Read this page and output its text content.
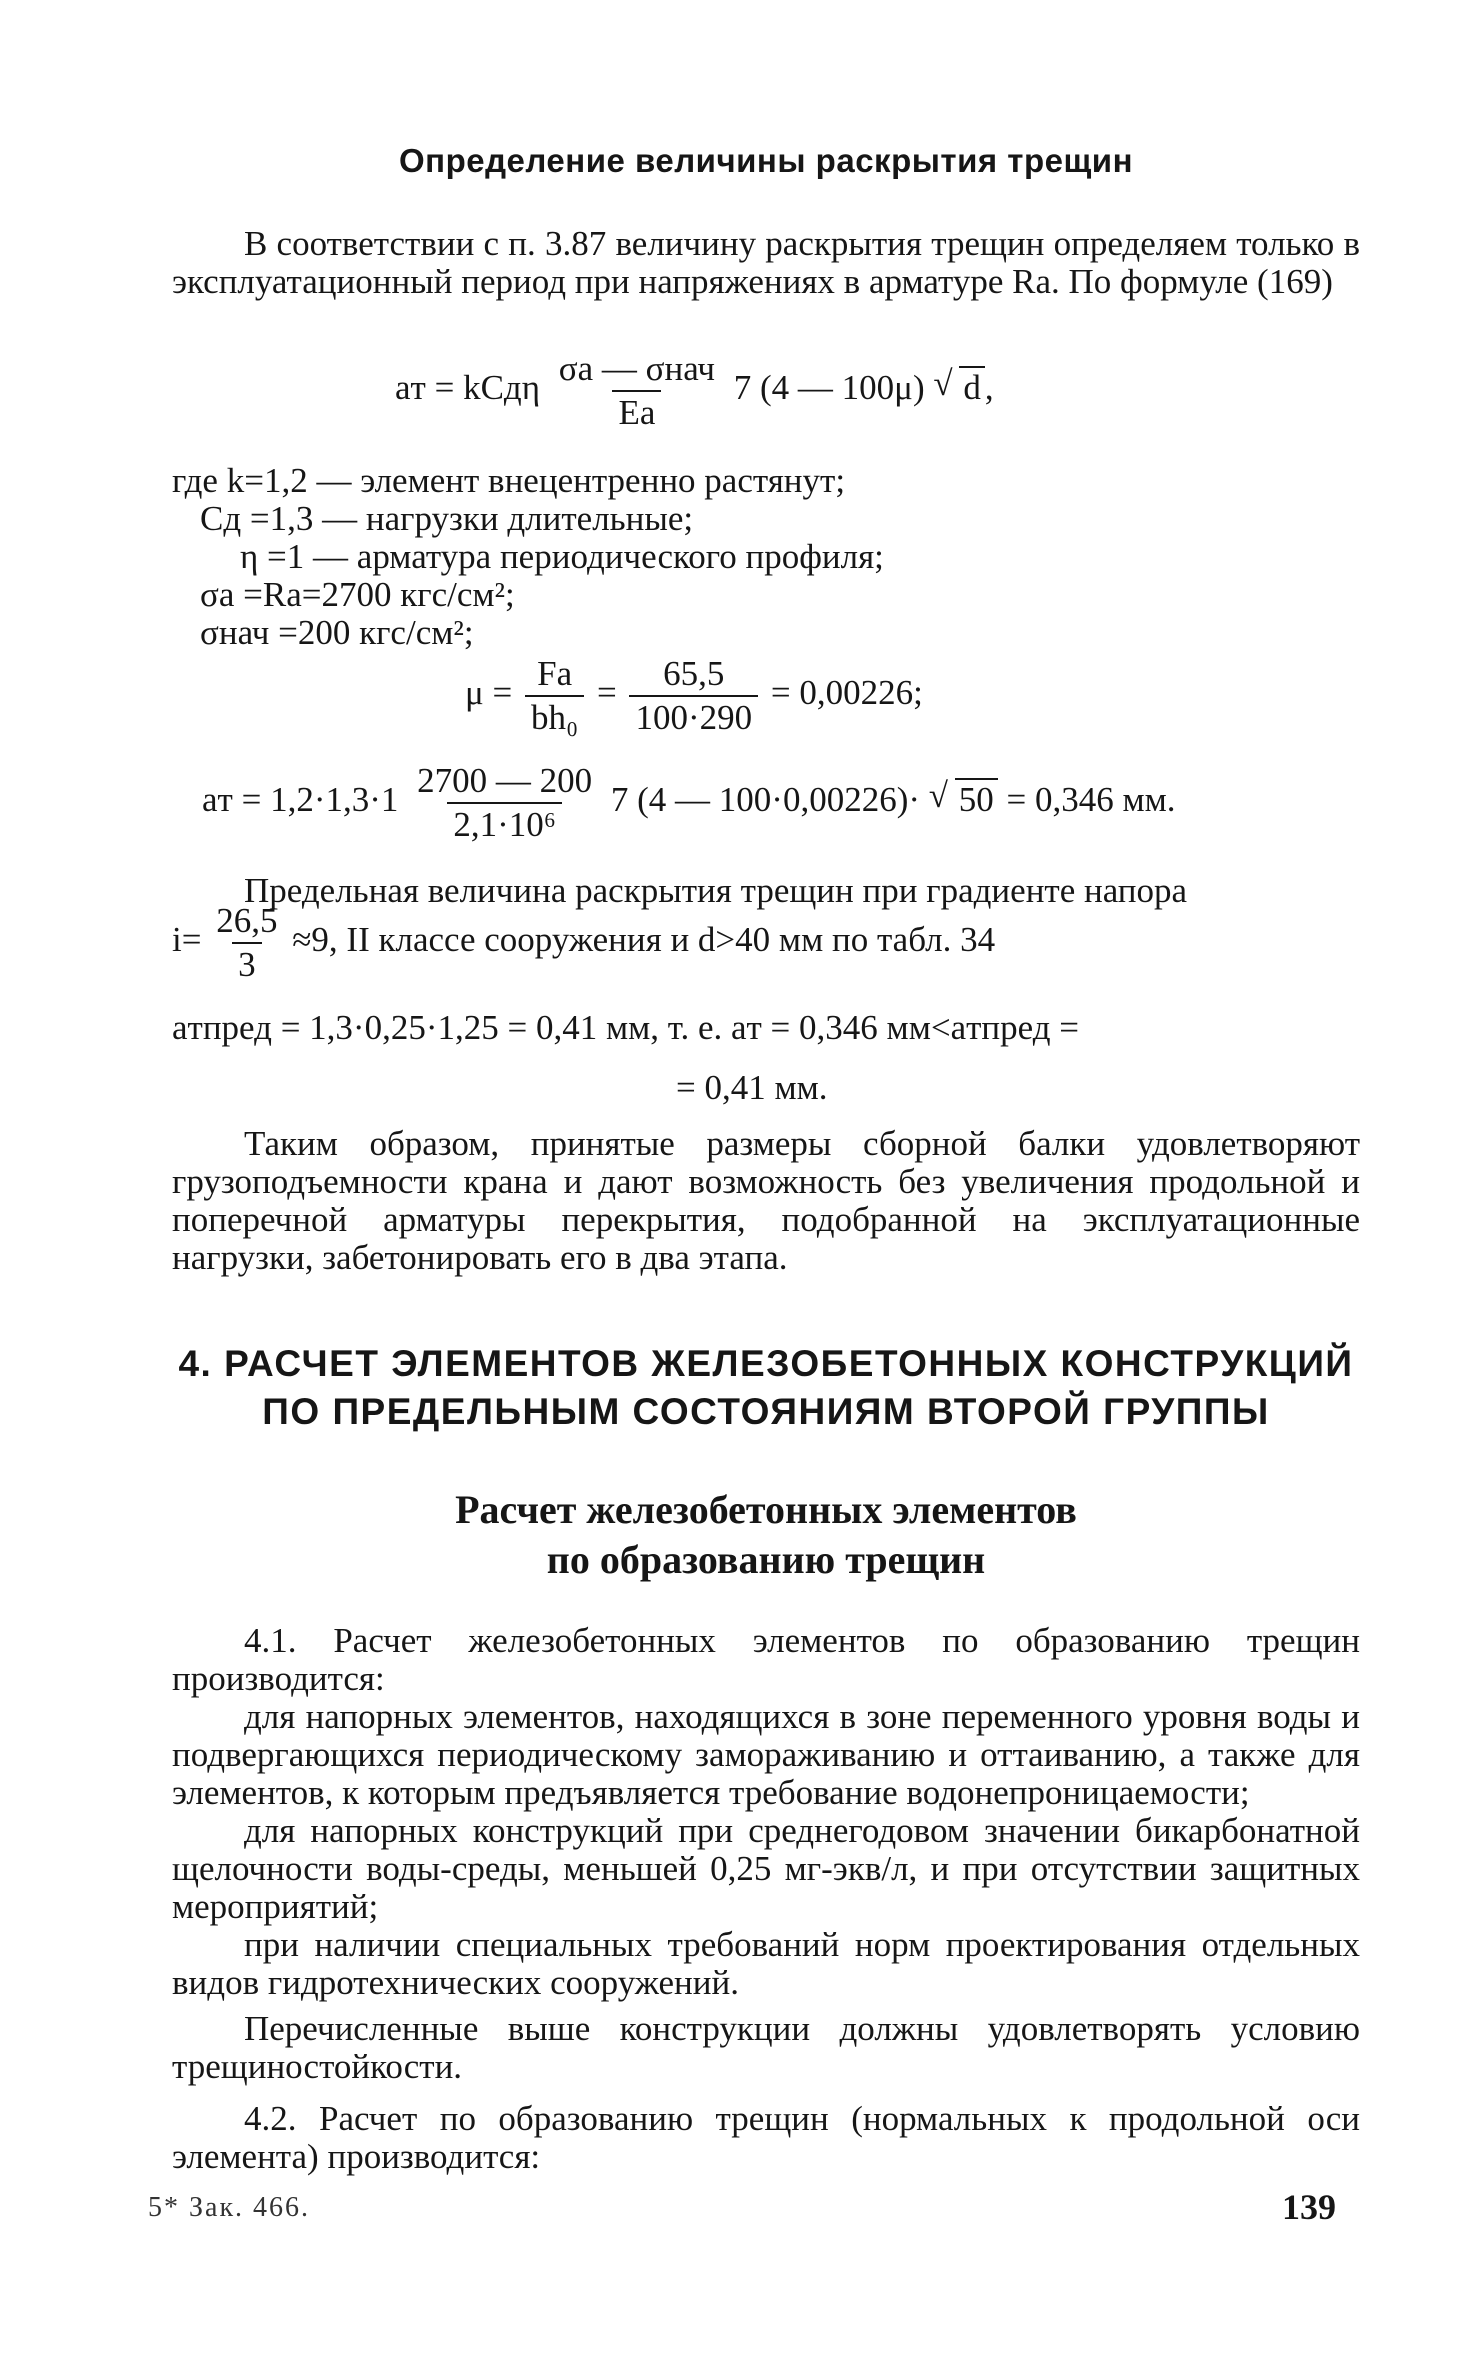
Определение величины раскрытия трещин

В соответствии с п. 3.87 величину раскрытия трещин определяем только в эксплуатационный период при напряжениях в арматуре Rа. По формуле (169)

aт = kCдη $\frac{\text{σа — σнач}}{Eа} 7$ (4 — 100μ) √ d ,
где k=1,2 — элемент внецентренно растянут;
Cд =1,3 — нагрузки длительные;
η =1 — арматура периодического профиля;
σа =Rа=2700 кгс/см²;
σнач =200 кгс/см²;
$\mu = \frac{Fа}{\text{bh₀}} = \frac{65,5}{100\cdot 290} = 0,00226$;
aт = $1,2\cdot 1,3\cdot 1 \frac{2700 — 200}{\text{2,1·10⁶}} 7$ (4 — 100·0,00226)· √ 50 = 0,346 мм.

Предельная величина раскрытия трещин при градиенте напора

$i= \frac{26,5}{3} \approx 9$, II классе сооружения и d>40 мм по табл. 34
aтпред = 1,3·0,25·1,25 = 0,41 мм, т. е. aт = 0,346 мм<aтпред =
= 0,41 мм.

Таким образом, принятые размеры сборной балки удовлетворяют грузоподъемности крана и дают возможность без увеличения продольной и поперечной арматуры перекрытия, подобранной на эксплуатационные нагрузки, забетонировать его в два этапа.

4. РАСЧЕТ ЭЛЕМЕНТОВ ЖЕЛЕЗОБЕТОННЫХ КОНСТРУКЦИЙ

ПО ПРЕДЕЛЬНЫМ СОСТОЯНИЯМ ВТОРОЙ ГРУППЫ

Расчет железобетонных элементов

по образованию трещин

4.1. Расчет железобетонных элементов по образованию трещин производится:

для напорных элементов, находящихся в зоне переменного уровня воды и подвергающихся периодическому замораживанию и оттаиванию, а также для элементов, к которым предъявляется требование водонепроницаемости;

для напорных конструкций при среднегодовом значении бикарбонатной щелочности воды-среды, меньшей 0,25 мг-экв/л, и при отсутствии защитных мероприятий;

при наличии специальных требований норм проектирования отдельных видов гидротехнических сооружений.

Перечисленные выше конструкции должны удовлетворять условию трещиностойкости.

4.2. Расчет по образованию трещин (нормальных к продольной оси элемента) производится:

5* Зак. 466.	139
